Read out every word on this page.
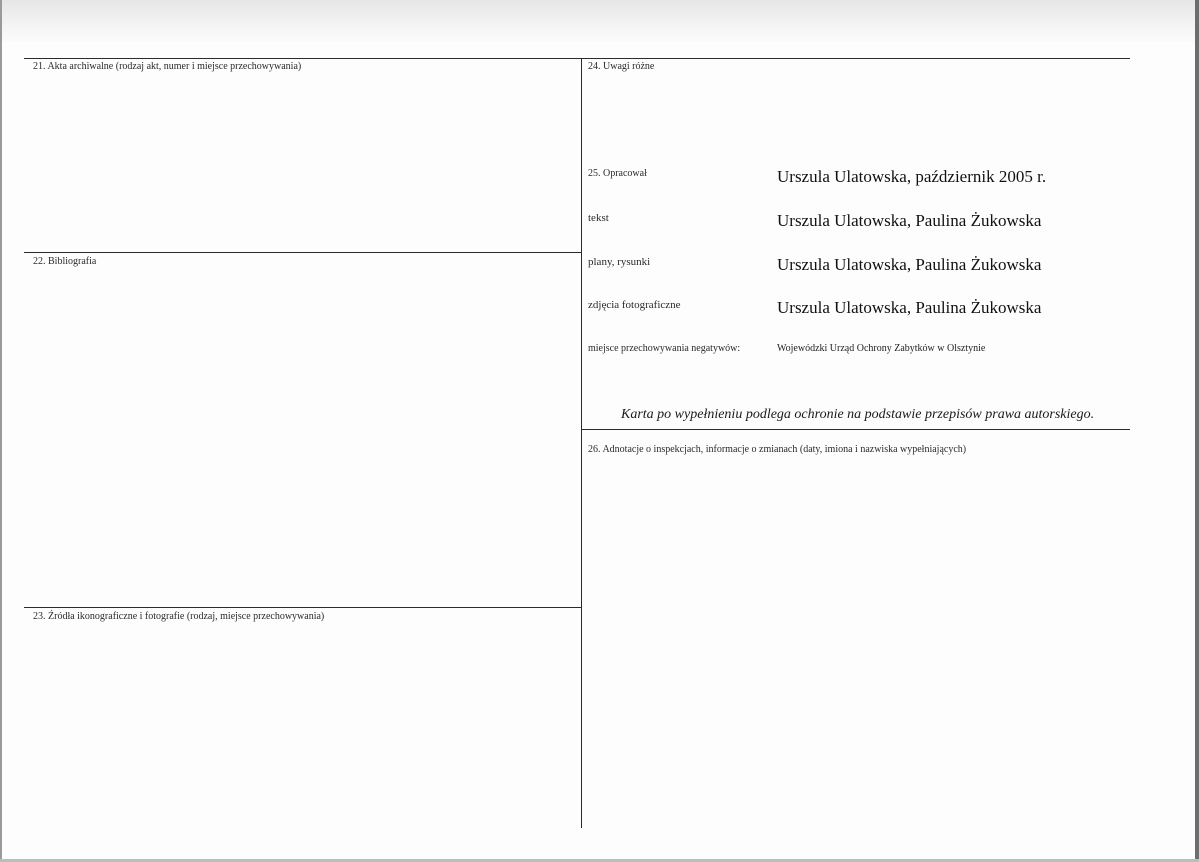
21. Akta archiwalne (rodzaj akt, numer i miejsce przechowywania)
22. Bibliografia
23. Źródła ikonograficzne i fotografie (rodzaj, miejsce przechowywania)
24. Uwagi różne
25. Opracował	Urszula Ulatowska, październik 2005 r.
tekst	Urszula Ulatowska, Paulina Żukowska
plany, rysunki	Urszula Ulatowska, Paulina Żukowska
zdjęcia fotograficzne	Urszula Ulatowska, Paulina Żukowska
miejsce przechowywania negatywów:	Wojewódzki Urząd Ochrony Zabytków w Olsztynie
Karta po wypełnieniu podlega ochronie na podstawie przepisów prawa autorskiego.
26. Adnotacje o inspekcjach, informacje o zmianach (daty, imiona i nazwiska wypełniających)
